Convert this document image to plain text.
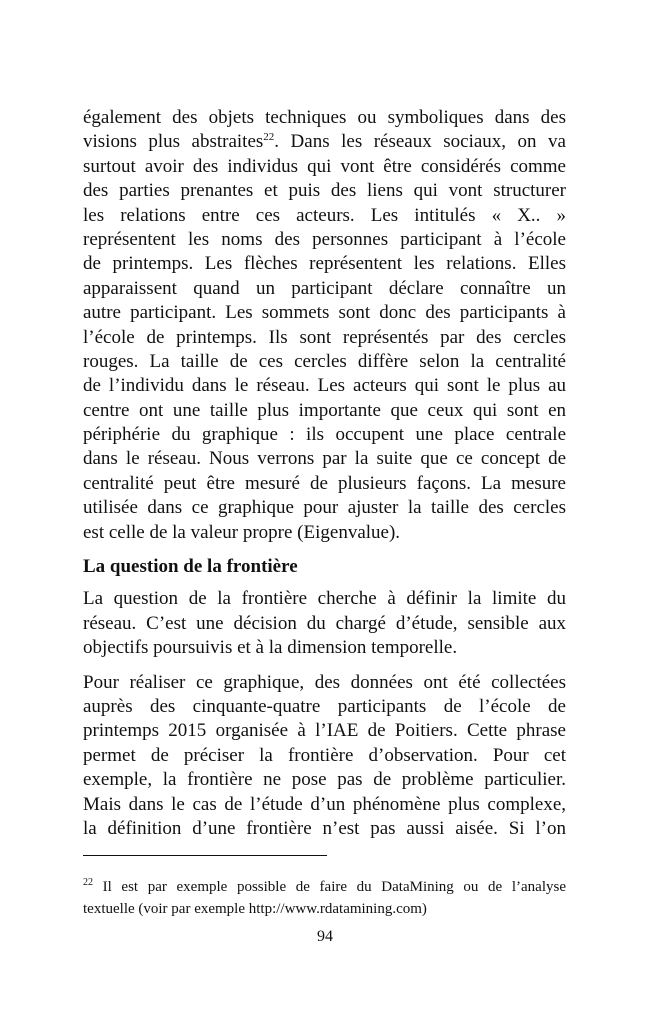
également des objets techniques ou symboliques dans des
visions plus abstraites$^{22}$. Dans les réseaux sociaux, on va
surtout avoir des individus qui vont être considérés comme
des parties prenantes et puis des liens qui vont structurer
les relations entre ces acteurs. Les intitulés « X.. »
représentent les noms des personnes participant à l’école
de printemps. Les flèches représentent les relations. Elles
apparaissent quand un participant déclare connaître un
autre participant. Les sommets sont donc des participants à
l’école de printemps. Ils sont représentés par des cercles
rouges. La taille de ces cercles diffère selon la centralité
de l’individu dans le réseau. Les acteurs qui sont le plus au
centre ont une taille plus importante que ceux qui sont en
périphérie du graphique : ils occupent une place centrale
dans le réseau. Nous verrons par la suite que ce concept de
centralité peut être mesuré de plusieurs façons. La mesure
utilisée dans ce graphique pour ajuster la taille des cercles
est celle de la valeur propre (Eigenvalue).
La question de la frontière
La question de la frontière cherche à définir la limite du
réseau. C’est une décision du chargé d’étude, sensible aux
objectifs poursuivis et à la dimension temporelle.
Pour réaliser ce graphique, des données ont été collectées
auprès des cinquante-quatre participants de l’école de
printemps 2015 organisée à l’IAE de Poitiers. Cette phrase
permet de préciser la frontière d’observation. Pour cet
exemple, la frontière ne pose pas de problème particulier.
Mais dans le cas de l’étude d’un phénomène plus complexe,
la définition d’une frontière n’est pas aussi aisée. Si l’on
$^{22}$ Il est par exemple possible de faire du DataMining ou de l’analyse
textuelle (voir par exemple http://www.rdatamining.com)
94
